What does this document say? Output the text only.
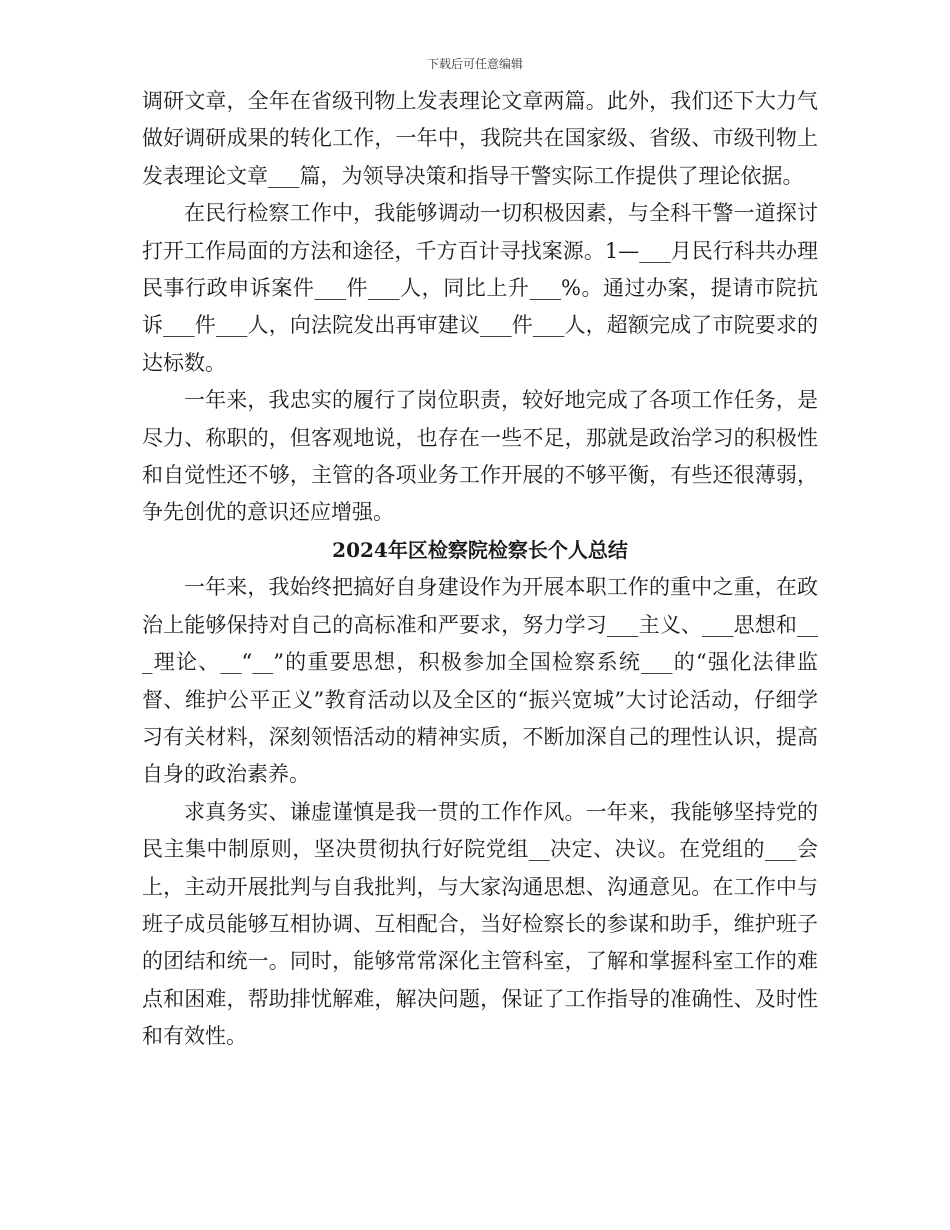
下载后可任意编辑

调研文章，全年在省级刊物上发表理论文章两篇。此外，我们还下大力气做好调研成果的转化工作，一年中，我院共在国家级、省级、市级刊物上发表理论文章___篇，为领导决策和指导干警实际工作提供了理论依据。

在民行检察工作中，我能够调动一切积极因素，与全科干警一道探讨打开工作局面的方法和途径，千方百计寻找案源。1—___月民行科共办理民事行政申诉案件___件___人，同比上升___%。通过办案，提请市院抗诉___件___人，向法院发出再审建议___件___人，超额完成了市院要求的达标数。

一年来，我忠实的履行了岗位职责，较好地完成了各项工作任务，是尽力、称职的，但客观地说，也存在一些不足，那就是政治学习的积极性和自觉性还不够，主管的各项业务工作开展的不够平衡，有些还很薄弱，争先创优的意识还应增强。

2024年区检察院检察长个人总结

一年来，我始终把搞好自身建设作为开展本职工作的重中之重，在政治上能够保持对自己的高标准和严要求，努力学习___主义、___思想和___理论、__“__”的重要思想，积极参加全国检察系统___的“强化法律监督、维护公平正义”教育活动以及全区的“振兴宽城”大讨论活动，仔细学习有关材料，深刻领悟活动的精神实质，不断加深自己的理性认识，提高自身的政治素养。

求真务实、谦虚谨慎是我一贯的工作作风。一年来，我能够坚持党的民主集中制原则，坚决贯彻执行好院党组__决定、决议。在党组的___会上，主动开展批判与自我批判，与大家沟通思想、沟通意见。在工作中与班子成员能够互相协调、互相配合，当好检察长的参谋和助手，维护班子的团结和统一。同时，能够常常深化主管科室，了解和掌握科室工作的难点和困难，帮助排忧解难，解决问题，保证了工作指导的准确性、及时性和有效性。
